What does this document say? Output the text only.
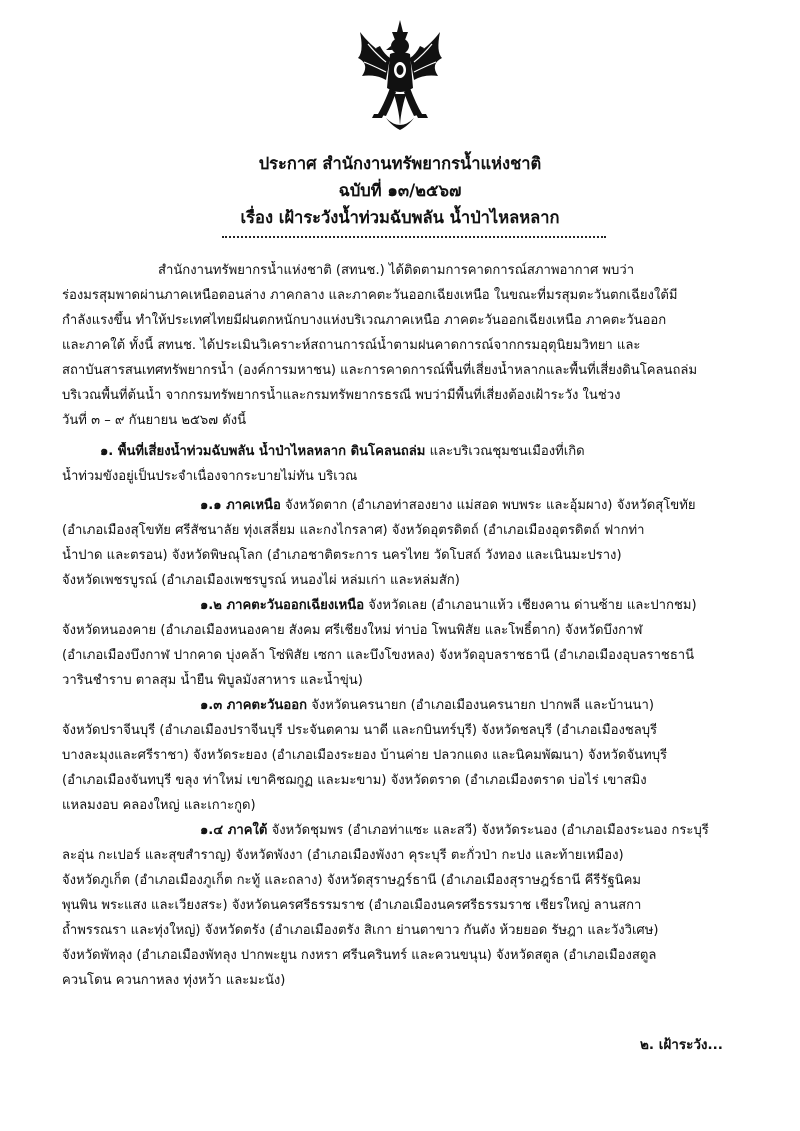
ประกาศ สำนักงานทรัพยากรน้ำแห่งชาติ
ฉบับที่ ๑๓/๒๕๖๗
เรื่อง เฝ้าระวังน้ำท่วมฉับพลัน น้ำป่าไหลหลาก
สำนักงานทรัพยากรน้ำแห่งชาติ (สทนช.) ได้ติดตามการคาดการณ์สภาพอากาศ พบว่า
ร่องมรสุมพาดผ่านภาคเหนือตอนล่าง ภาคกลาง และภาคตะวันออกเฉียงเหนือ ในขณะที่มรสุมตะวันตกเฉียงใต้มี
กำลังแรงขึ้น ทำให้ประเทศไทยมีฝนตกหนักบางแห่งบริเวณภาคเหนือ ภาคตะวันออกเฉียงเหนือ ภาคตะวันออก
และภาคใต้ ทั้งนี้ สทนช. ได้ประเมินวิเคราะห์สถานการณ์น้ำตามฝนคาดการณ์จากกรมอุตุนิยมวิทยา และ
สถาบันสารสนเทศทรัพยากรน้ำ (องค์การมหาชน) และการคาดการณ์พื้นที่เสี่ยงน้ำหลากและพื้นที่เสี่ยงดินโคลนถล่ม
บริเวณพื้นที่ต้นน้ำ จากกรมทรัพยากรน้ำและกรมทรัพยากรธรณี พบว่ามีพื้นที่เสี่ยงต้องเฝ้าระวัง ในช่วง
วันที่ ๓ – ๙ กันยายน ๒๕๖๗ ดังนี้
๑. พื้นที่เสี่ยงน้ำท่วมฉับพลัน น้ำป่าไหลหลาก ดินโคลนถล่ม และบริเวณชุมชนเมืองที่เกิด
น้ำท่วมขังอยู่เป็นประจำเนื่องจากระบายไม่ทัน บริเวณ
๑.๑ ภาคเหนือ จังหวัดตาก (อำเภอท่าสองยาง แม่สอด พบพระ และอุ้มผาง) จังหวัดสุโขทัย
(อำเภอเมืองสุโขทัย ศรีสัชนาลัย ทุ่งเสลี่ยม และกงไกรลาศ) จังหวัดอุตรดิตถ์ (อำเภอเมืองอุตรดิตถ์ ฟากท่า
น้ำปาด และตรอน) จังหวัดพิษณุโลก (อำเภอชาติตระการ นครไทย วัดโบสถ์ วังทอง และเนินมะปราง)
จังหวัดเพชรบูรณ์ (อำเภอเมืองเพชรบูรณ์ หนองไผ่ หล่มเก่า และหล่มสัก)
๑.๒ ภาคตะวันออกเฉียงเหนือ จังหวัดเลย (อำเภอนาแห้ว เชียงคาน ด่านซ้าย และปากชม)
จังหวัดหนองคาย (อำเภอเมืองหนองคาย สังคม ศรีเชียงใหม่ ท่าบ่อ โพนพิสัย และโพธิ์ตาก) จังหวัดบึงกาฬ
(อำเภอเมืองบึงกาฬ ปากคาด บุ่งคล้า โซ่พิสัย เซกา และบึงโขงหลง) จังหวัดอุบลราชธานี (อำเภอเมืองอุบลราชธานี
วารินชำราบ ตาลสุม น้ำยืน พิบูลมังสาหาร และน้ำขุ่น)
๑.๓ ภาคตะวันออก จังหวัดนครนายก (อำเภอเมืองนครนายก ปากพลี และบ้านนา)
จังหวัดปราจีนบุรี (อำเภอเมืองปราจีนบุรี ประจันตคาม นาดี และกบินทร์บุรี) จังหวัดชลบุรี (อำเภอเมืองชลบุรี
บางละมุงและศรีราชา) จังหวัดระยอง (อำเภอเมืองระยอง บ้านค่าย ปลวกแดง และนิคมพัฒนา) จังหวัดจันทบุรี
(อำเภอเมืองจันทบุรี ขลุง ท่าใหม่ เขาคิชฌกูฏ และมะขาม) จังหวัดตราด (อำเภอเมืองตราด บ่อไร่ เขาสมิง
แหลมงอบ คลองใหญ่ และเกาะกูด)
๑.๔ ภาคใต้ จังหวัดชุมพร (อำเภอท่าแซะ และสวี) จังหวัดระนอง (อำเภอเมืองระนอง กระบุรี
ละอุ่น กะเปอร์ และสุขสำราญ) จังหวัดพังงา (อำเภอเมืองพังงา คุระบุรี ตะกั่วป่า กะปง และท้ายเหมือง)
จังหวัดภูเก็ต (อำเภอเมืองภูเก็ต กะทู้ และถลาง) จังหวัดสุราษฎร์ธานี (อำเภอเมืองสุราษฎร์ธานี คีรีรัฐนิคม
พุนพิน พระแสง และเวียงสระ) จังหวัดนครศรีธรรมราช (อำเภอเมืองนครศรีธรรมราช เชียรใหญ่ ลานสกา
ถ้ำพรรณรา และทุ่งใหญ่) จังหวัดตรัง (อำเภอเมืองตรัง สิเกา ย่านตาขาว กันตัง ห้วยยอด รัษฎา และวังวิเศษ)
จังหวัดพัทลุง (อำเภอเมืองพัทลุง ปากพะยูน กงหรา ศรีนครินทร์ และควนขนุน) จังหวัดสตูล (อำเภอเมืองสตูล
ควนโดน ควนกาหลง ทุ่งหว้า และมะนัง)
๒. เฝ้าระวัง...
